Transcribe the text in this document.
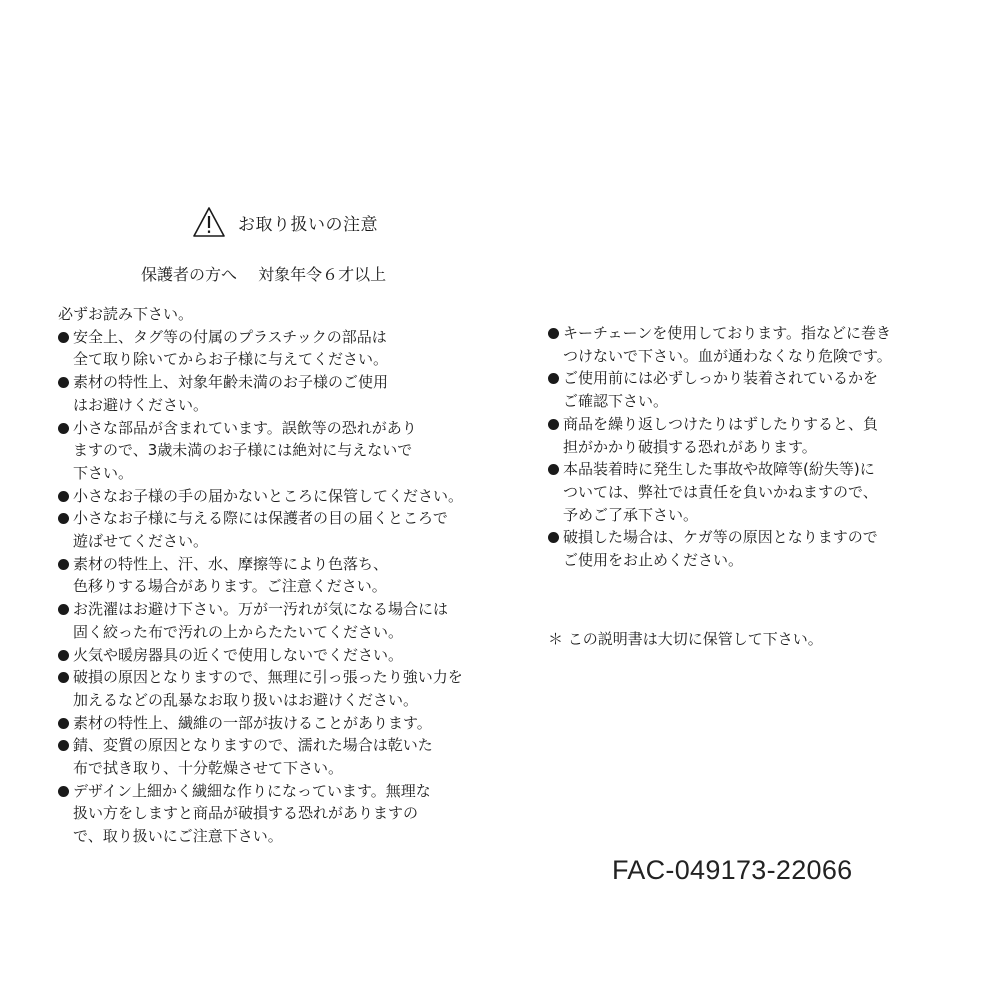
お取り扱いの注意
保護者の方へ　 対象年令６才以上
必ずお読み下さい。
安全上、タグ等の付属のプラスチックの部品は
全て取り除いてからお子様に与えてください。
素材の特性上、対象年齢未満のお子様のご使用
はお避けください。
小さな部品が含まれています。誤飲等の恐れがあり
ますので、3歳未満のお子様には絶対に与えないで
下さい。
小さなお子様の手の届かないところに保管してください。
小さなお子様に与える際には保護者の目の届くところで
遊ばせてください。
素材の特性上、汗、水、摩擦等により色落ち、
色移りする場合があります。ご注意ください。
お洗濯はお避け下さい。万が一汚れが気になる場合には
固く絞った布で汚れの上からたたいてください。
火気や暖房器具の近くで使用しないでください。
破損の原因となりますので、無理に引っ張ったり強い力を
加えるなどの乱暴なお取り扱いはお避けください。
素材の特性上、繊維の一部が抜けることがあります。
錆、変質の原因となりますので、濡れた場合は乾いた
布で拭き取り、十分乾燥させて下さい。
デザイン上細かく繊細な作りになっています。無理な
扱い方をしますと商品が破損する恐れがありますの
で、取り扱いにご注意下さい。
キーチェーンを使用しております。指などに巻き
つけないで下さい。血が通わなくなり危険です。
ご使用前には必ずしっかり装着されているかを
ご確認下さい。
商品を繰り返しつけたりはずしたりすると、負
担がかかり破損する恐れがあります。
本品装着時に発生した事故や故障等(紛失等)に
ついては、弊社では責任を負いかねますので、
予めご了承下さい。
破損した場合は、ケガ等の原因となりますので
ご使用をお止めください。
＊ この説明書は大切に保管して下さい。
FAC-049173-22066
